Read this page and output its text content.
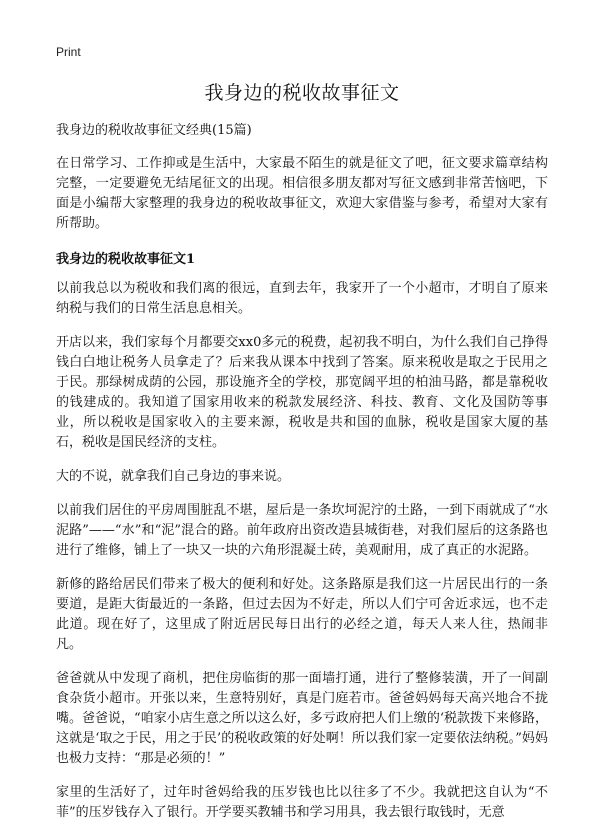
Print
我身边的税收故事征文
我身边的税收故事征文经典(15篇)

在日常学习、工作抑或是生活中，大家最不陌生的就是征文了吧，征文要求篇章结构完整，一定要避免无结尾征文的出现。相信很多朋友都对写征文感到非常苦恼吧，下面是小编帮大家整理的我身边的税收故事征文，欢迎大家借鉴与参考，希望对大家有所帮助。

我身边的税收故事征文1

以前我总以为税收和我们离的很远，直到去年，我家开了一个小超市，才明自了原来纳税与我们的日常生活息息相关。

开店以来，我们家每个月都要交xx0多元的税费，起初我不明白，为什么我们自己挣得钱白白地让税务人员拿走了？后来我从课本中找到了答案。原来税收是取之于民用之于民。那绿树成荫的公园，那设施齐全的学校，那宽阔平坦的柏油马路，都是靠税收的钱建成的。我知道了国家用收来的税款发展经济、科技、教育、文化及国防等事业，所以税收是国家收入的主要来源，税收是共和国的血脉，税收是国家大厦的基石，税收是国民经济的支柱。

大的不说，就拿我们自己身边的事来说。

以前我们居住的平房周围脏乱不堪，屋后是一条坎坷泥泞的土路，一到下雨就成了“水泥路”——“水”和“泥”混合的路。前年政府出资改造县城街巷，对我们屋后的这条路也进行了维修，铺上了一块又一块的六角形混凝土砖，美观耐用，成了真正的水泥路。

新修的路给居民们带来了极大的便利和好处。这条路原是我们这一片居民出行的一条要道，是距大街最近的一条路，但过去因为不好走，所以人们宁可舍近求远，也不走此道。现在好了，这里成了附近居民每日出行的必经之道，每天人来人往，热闹非凡。

爸爸就从中发现了商机，把住房临街的那一面墙打通，进行了整修装潢，开了一间副食杂货小超市。开张以来，生意特别好，真是门庭若市。爸爸妈妈每天高兴地合不拢嘴。爸爸说，“咱家小店生意之所以这么好，多亏政府把人们上缴的‘税款拨下来修路，这就是‘取之于民，用之于民’的税收政策的好处啊！所以我们家一定要依法纳税。”妈妈也极力支持：“那是必须的！”

家里的生活好了，过年时爸妈给我的压岁钱也比以往多了不少。我就把这自认为“不菲”的压岁钱存入了银行。开学要买教辅书和学习用具，我去银行取钱时，无意
